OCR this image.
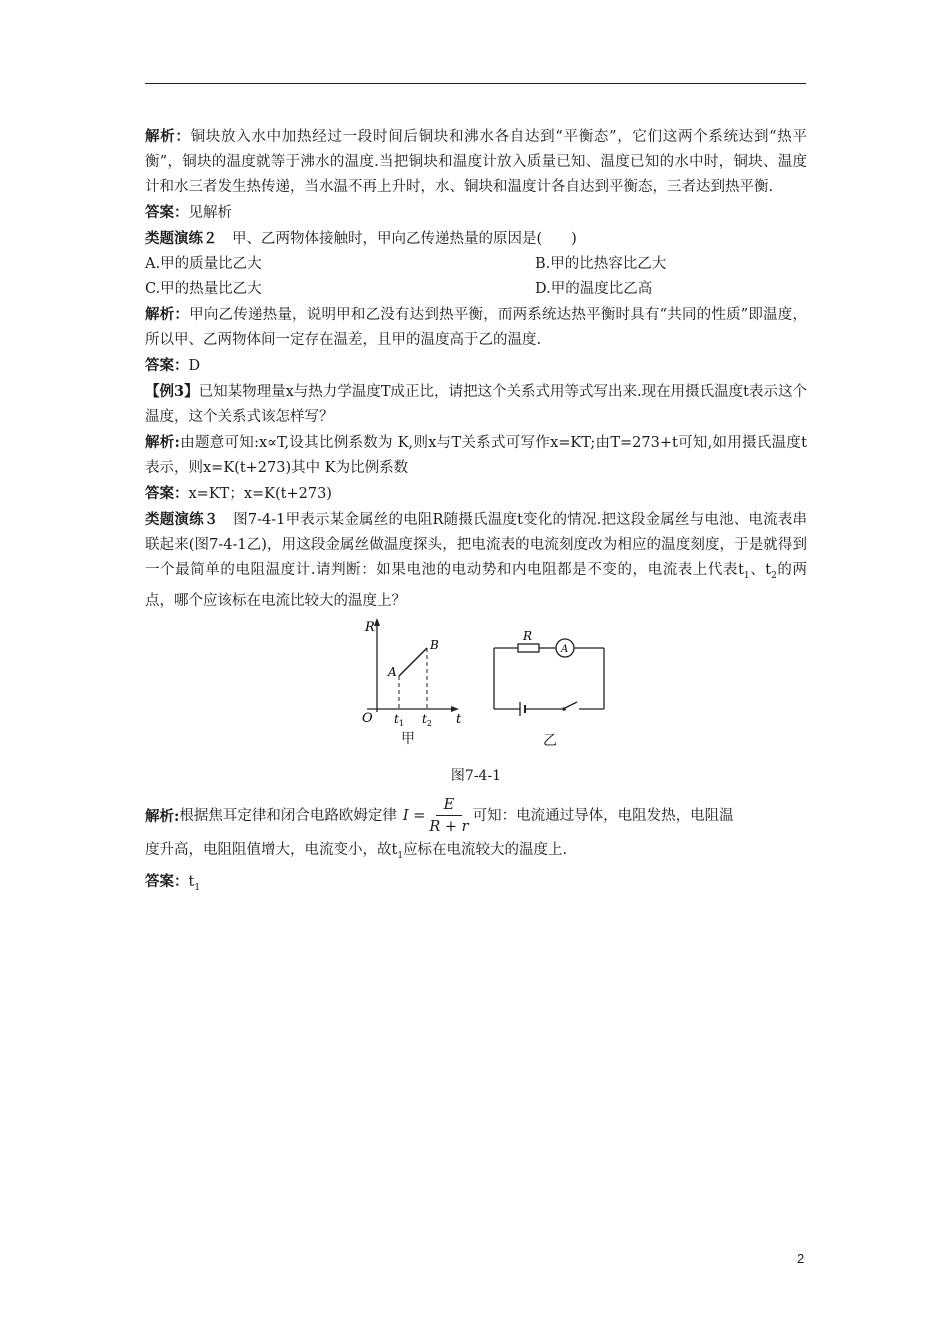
解析：铜块放入水中加热经过一段时间后铜块和沸水各自达到“平衡态”，它们这两个系统达到“热平衡”，铜块的温度就等于沸水的温度.当把铜块和温度计放入质量已知、温度已知的水中时，铜块、温度计和水三者发生热传递，当水温不再上升时，水、铜块和温度计各自达到平衡态，三者达到热平衡.

答案：见解析

类题演练２　甲、乙两物体接触时，甲向乙传递热量的原因是(　　)

A.甲的质量比乙大	B.甲的比热容比乙大
C.甲的热量比乙大	D.甲的温度比乙高

解析：甲向乙传递热量，说明甲和乙没有达到热平衡，而两系统达热平衡时具有“共同的性质”即温度，所以甲、乙两物体间一定存在温差，且甲的温度高于乙的温度.

答案：D

【例3】已知某物理量x与热力学温度T成正比，请把这个关系式用等式写出来.现在用摄氏温度t表示这个温度，这个关系式该怎样写？

解析:由题意可知:x∝T,设其比例系数为 K,则x与T关系式可写作x=KT;由T=273+t可知,如用摄氏温度t表示，则x=K(t+273)其中 K为比例系数

答案：x=KT；x=K(t+273)

类题演练３　图7-4-1甲表示某金属丝的电阻R随摄氏温度t变化的情况.把这段金属丝与电池、电流表串联起来(图7-4-1乙)，用这段金属丝做温度探头，把电流表的电流刻度改为相应的温度刻度，于是就得到一个最简单的电阻温度计.请判断：如果电池的电动势和内电阻都是不变的，电流表上代表$t_1$、$t_2$的两点，哪个应该标在电流比较大的温度上？

R
t
O
A
B
$t_1$ $t_2$
R
A
甲	乙
图7-4-1
解析: 根据焦耳定律和闭合电路欧姆定律 $I = \frac{E}{R + r}$ 可知：电流通过导体，电阻发热，电阻温

度升高，电阻阻值增大，电流变小，故$t_1$应标在电流较大的温度上.

答案：$t_1$

2
